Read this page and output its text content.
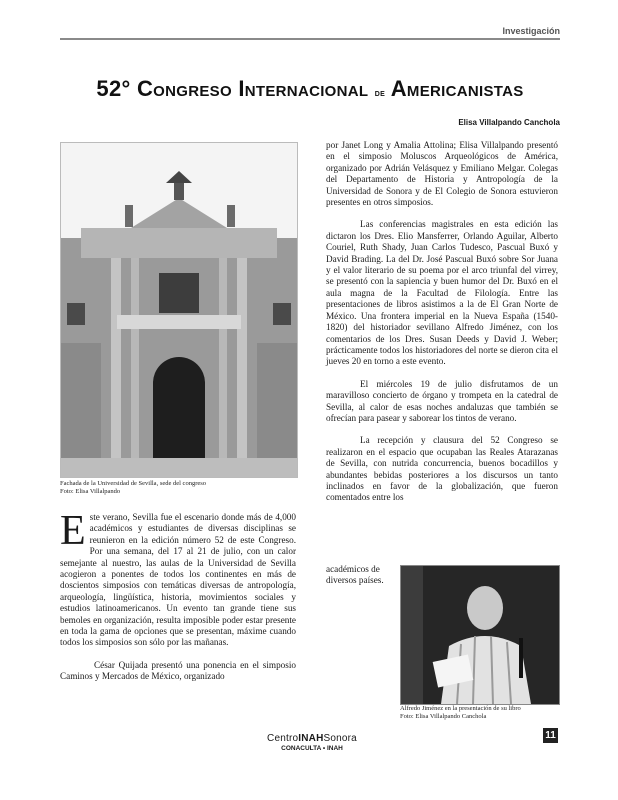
Investigación
52° Congreso Internacional de Americanistas
Elisa Villalpando Canchola
Fachada de la Universidad de Sevilla, sede del congreso
Foto: Elisa Villalpando

Este verano, Sevilla fue el escenario donde más de 4,000 académicos y estudiantes de diversas disciplinas se reunieron en la edición número 52 de este Congreso. Por una semana, del 17 al 21 de julio, con un calor semejante al nuestro, las aulas de la Universidad de Sevilla acogieron a ponentes de todos los continentes en más de doscientos simposios con temáticas diversas de antropología, arqueología, lingüística, historia, movimientos sociales y estudios latinoamericanos. Un evento tan grande tiene sus bemoles en organización, resulta imposible poder estar presente en toda la gama de opciones que se presentan, máxime cuando todos los simposios son sólo por las mañanas.

César Quijada presentó una ponencia en el simposio Caminos y Mercados de México, organizado

por Janet Long y Amalia Attolina; Elisa Villalpando presentó en el simposio Moluscos Arqueológicos de América, organizado por Adrián Velásquez y Emiliano Melgar. Colegas del Departamento de Historia y Antropología de la Universidad de Sonora y de El Colegio de Sonora estuvieron presentes en otros simposios.

Las conferencias magistrales en esta edición las dictaron los Dres. Elio Mansferrer, Orlando Aguilar, Alberto Couriel, Ruth Shady, Juan Carlos Tudesco, Pascual Buxó y David Brading. La del Dr. José Pascual Buxó sobre Sor Juana y el valor literario de su poema por el arco triunfal del virrey, se presentó con la sapiencia y buen humor del Dr. Buxó en el aula magna de la Facultad de Filología. Entre las presentaciones de libros asistimos a la de El Gran Norte de México. Una frontera imperial en la Nueva España (1540-1820) del historiador sevillano Alfredo Jiménez, con los comentarios de los Dres. Susan Deeds y David J. Weber; prácticamente todos los historiadores del norte se dieron cita el jueves 20 en torno a este evento.

El miércoles 19 de julio disfrutamos de un maravilloso concierto de órgano y trompeta en la catedral de Sevilla, al calor de esas noches andaluzas que también se ofrecían para pasear y saborear los tintos de verano.

La recepción y clausura del 52 Congreso se realizaron en el espacio que ocupaban las Reales Atarazanas de Sevilla, con nutrida concurrencia, buenos bocadillos y abundantes bebidas posteriores a los discursos un tanto inclinados en favor de la globalización, que fueron comentados entre los

académicos de
diversos países.
Alfredo Jiménez en la presentación de su libro
Foto: Elisa Villalpando Canchola
CentroINAHSonora
CONACULTA • INAH
11
